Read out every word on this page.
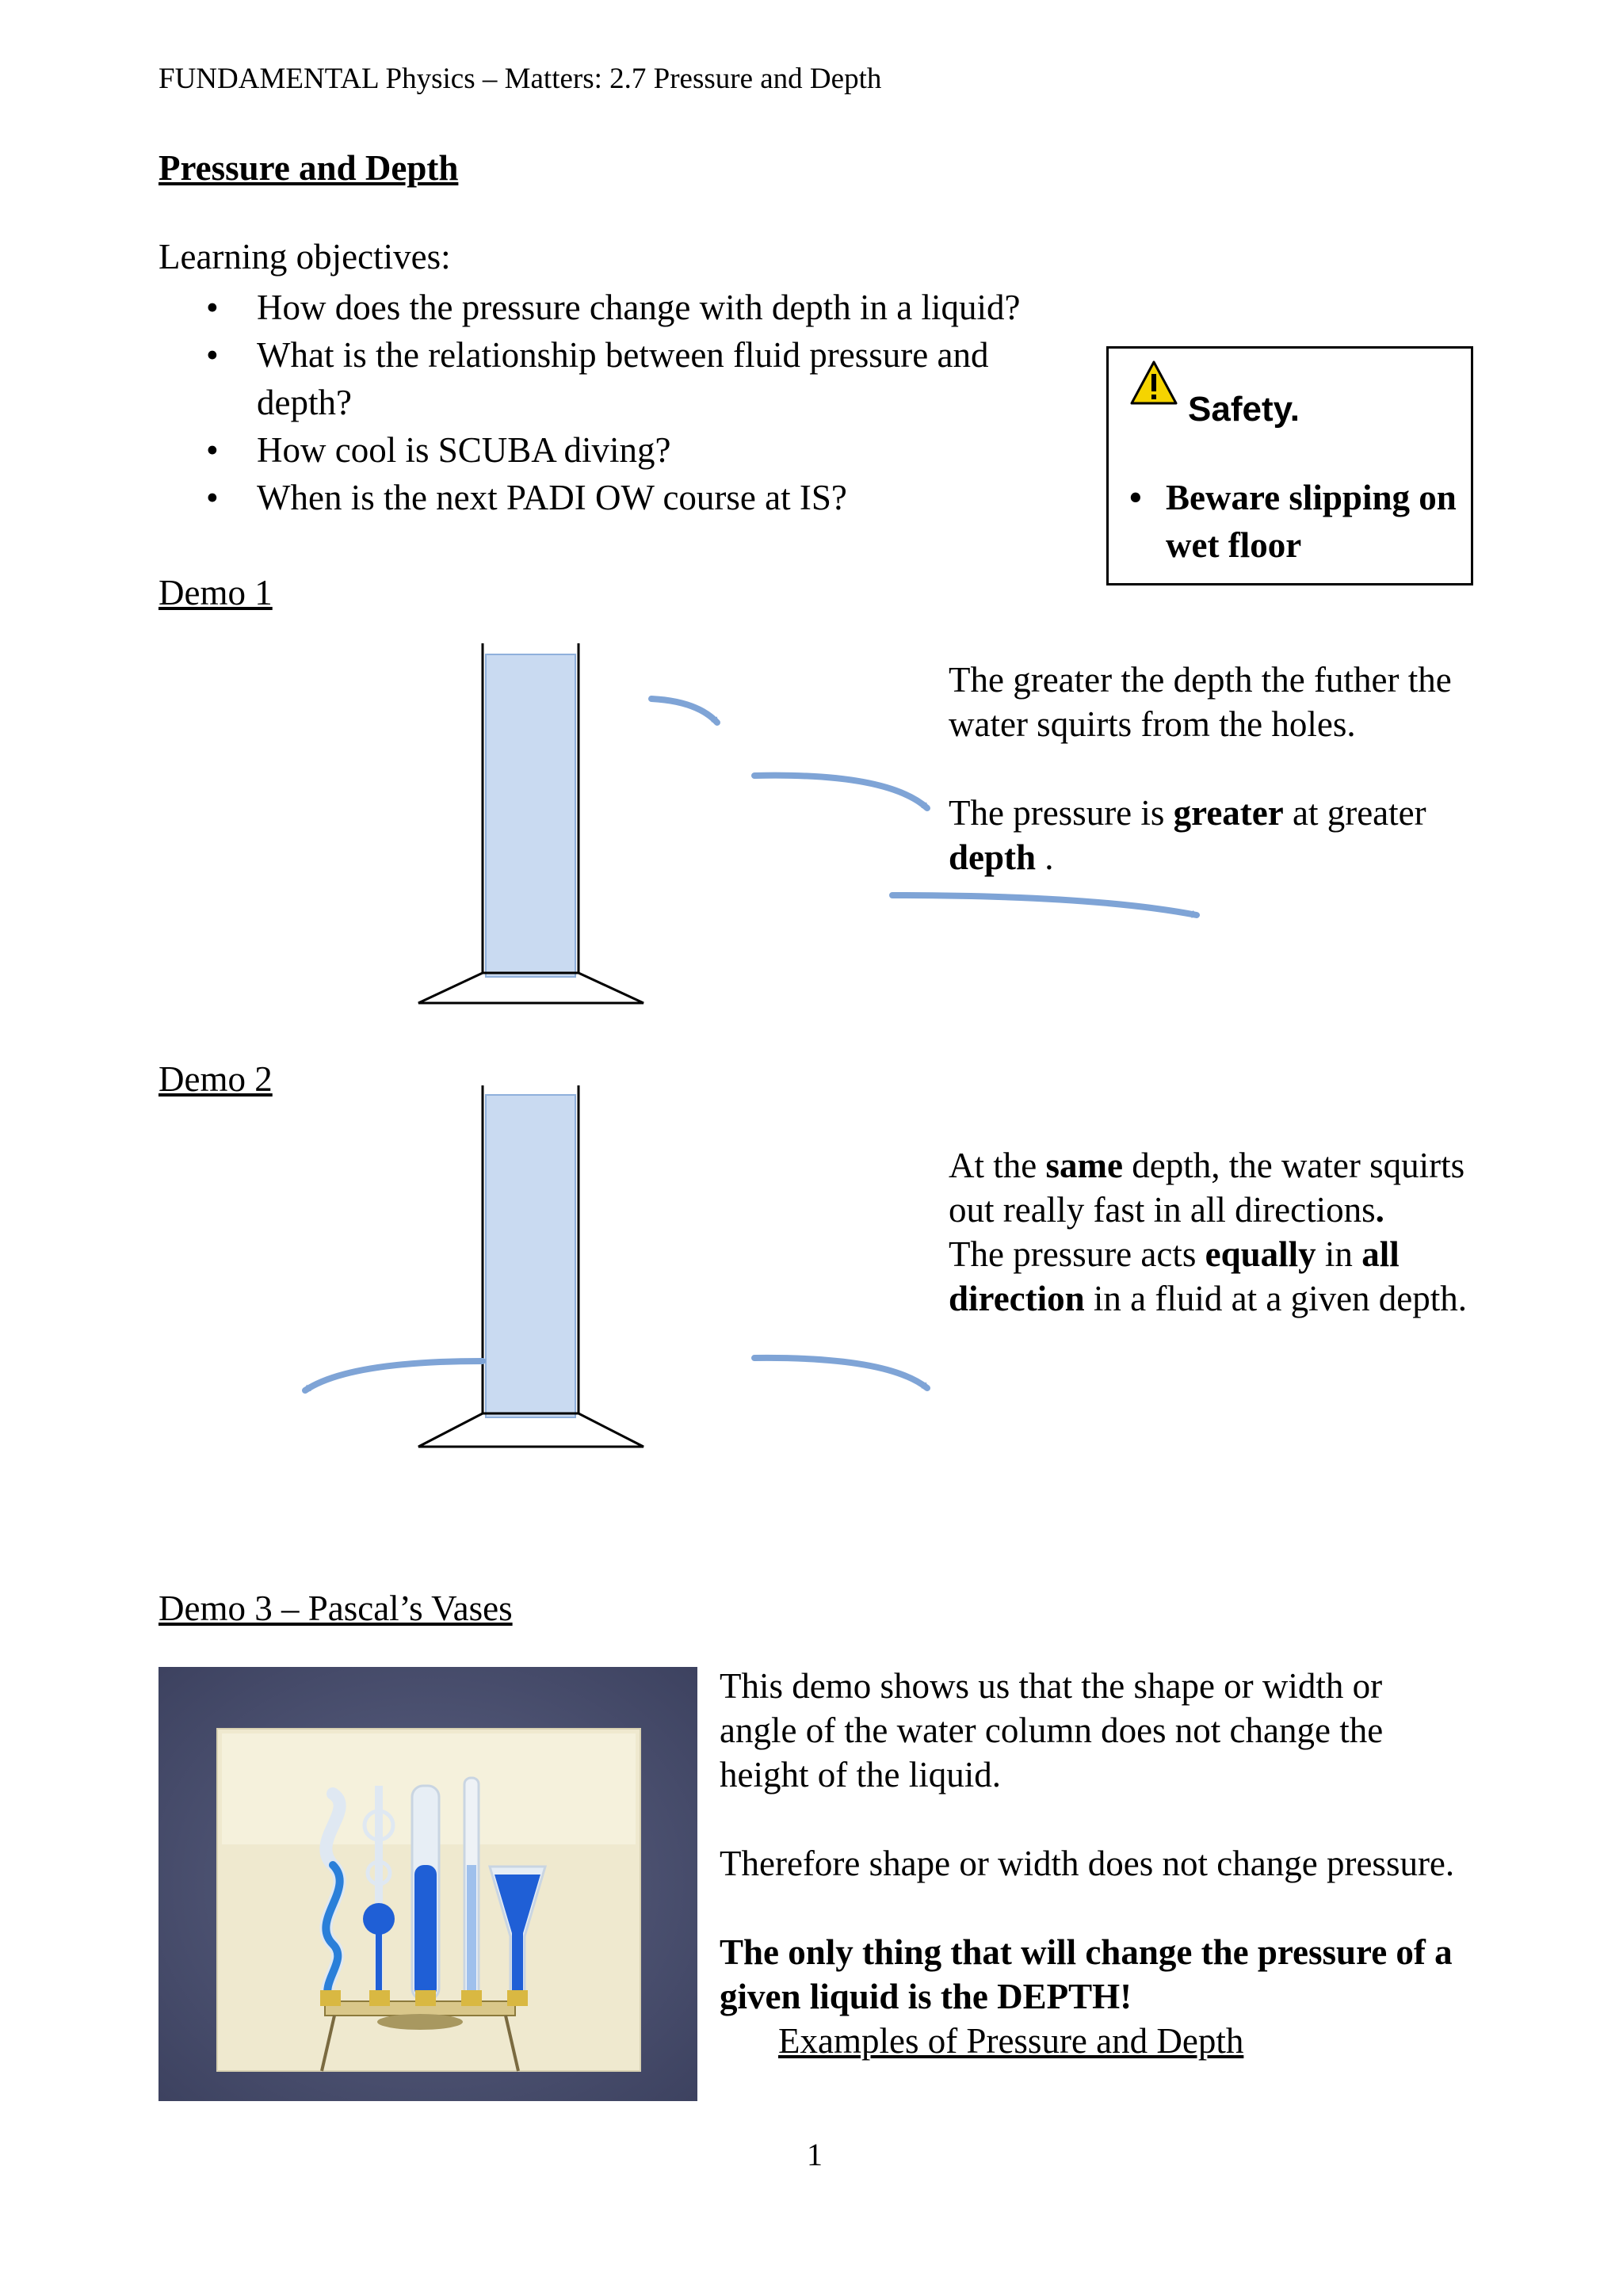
FUNDAMENTAL Physics – Matters: 2.7 Pressure and Depth
Pressure and Depth
Learning objectives:
• How does the pressure change with depth in a liquid?
• What is the relationship between fluid pressure and depth?
• How cool is SCUBA diving?
• When is the next PADI OW course at IS?
Safety.
• Beware slipping on wet floor
Demo 1

The greater the depth the futher the water squirts from the holes.

The pressure is greater at greater depth .

Demo 2

At the same depth, the water squirts out really fast in all directions.

The pressure acts equally in all direction in a fluid at a given depth.

Demo 3 – Pascal’s Vases

This demo shows us that the shape or width or angle of the water column does not change the height of the liquid.

Therefore shape or width does not change pressure.

The only thing that will change the pressure of a given liquid is the DEPTH!

Examples of Pressure and Depth

1
